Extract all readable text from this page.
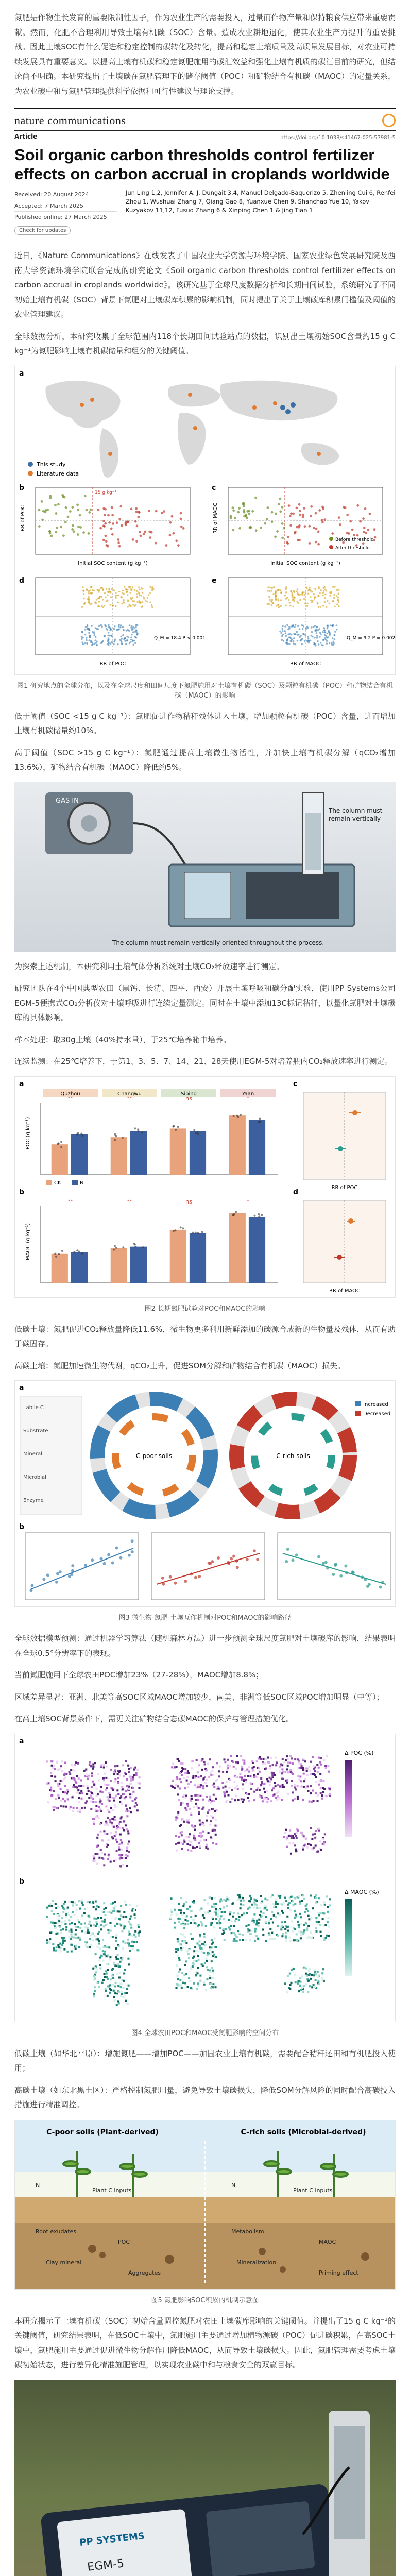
氮肥是作物生长发育的重要限制性因子，作为农业生产的需要投入，过量而作物产量和保持粮食供应带来重要贡献。然而，化肥不合理利用导致土壤有机碳（SOC）含量。造成农业耕地退化，使其农业生产力提升的重要挑战。因此土壤SOC有什么促进和稳定控制的碳转化及转化，提高和稳定土壤质量及高质量发展目标，对农业可持续发展具有重要意义。以提高土壤有机碳和稳定氮肥施用的碳汇效益和强化土壤有机质的碳汇目前的研究，但结论尚不明确。本研究提出了土壤碳在氮肥管理下的储存阈值（POC）和矿物结合有机碳（MAOC）的定量关系，为农业碳中和与氮肥管理提供科学依据和可行性建议与理论支撑。

nature communications
Article	https://doi.org/10.1038/s41467-025-57981-5
Soil organic carbon thresholds control fertilizer effects on carbon accrual in croplands worldwide
Received: 20 August 2024
Accepted: 7 March 2025
Published online: 27 March 2025
Check for updates
Jun Ling 1,2, Jennifer A. J. Dungait 3,4, Manuel Delgado-Baquerizo 5, Zhenling Cui 6, Renfei Zhou 1, Wushuai Zhang 7, Qiang Gao 8, Yuanxue Chen 9, Shanchao Yue 10, Yakov Kuzyakov 11,12, Fusuo Zhang 6 & Xinping Chen 1 & Jing Tian 1

近日，《Nature Communications》在线发表了中国农业大学资源与环境学院、国家农业绿色发展研究院及西南大学资源环境学院联合完成的研究论文《Soil organic carbon thresholds control fertilizer effects on carbon accrual in croplands worldwide》。该研究基于全球尺度数据分析和长期田间试验，系统研究了不同初始土壤有机碳（SOC）背景下氮肥对土壤碳库积累的影响机制，同时提出了关于土壤碳库积累门槛值及阈值的农业管理建议。

全球数据分析，本研究收集了全球范围内118个长期田间试验站点的数据，识别出土壤初始SOC含量约15 g C kg⁻¹为氮肥影响土壤有机碳储量和组分的关键阈值。

a
This study
Literature data
b
Initial SOC content (g kg⁻¹)
RR of POC
15 g kg⁻¹
c
Initial SOC content (g kg⁻¹)
RR of MAOC
Before threshold
After threshold
d
RR of POC
Q_M = 18.4 P < 0.001
e
RR of MAOC
Q_M = 9.2 P = 0.002

图1 研究地点的全球分布，以及在全球尺度和田间尺度下氮肥施用对土壤有机碳（SOC）及颗粒有机碳（POC）和矿物结合有机碳（MAOC）的影响

低于阈值（SOC <15 g C kg⁻¹）：氮肥促进作物秸秆残体进入土壤，增加颗粒有机碳（POC）含量，进而增加土壤有机碳储量约10%。

高于阈值（SOC >15 g C kg⁻¹）：氮肥通过提高土壤微生物活性，并加快土壤有机碳分解（qCO₂增加13.6%），矿物结合有机碳（MAOC）降低约5%。

GAS IN
The column must remain vertically
The column must remain vertically oriented throughout the process.

为探索上述机制，本研究利用土壤气体分析系统对土壤CO₂释放速率进行测定。

研究团队在4个中国典型农田（黑钙、长清、四平、西安）开展土壤呼吸和碳分配实验，使用PP Systems公司EGM-5便携式CO₂分析仪对土壤呼吸进行连续定量测定。同时在土壤中添加13C标记秸秆，以量化氮肥对土壤碳库的具体影响。

样本处理：取30g土壤（40%持水量），于25℃培养箱中培养。

连续监测：在25℃培养下，于第1、3、5、7、14、21、28天使用EGM-5对培养瓶内CO₂释放速率进行测定。

a
b
c
d
Quzhou	Changwu	Siping	Yaan
**	**	ns	*
**	**	ns	*
POC (g kg⁻¹)
MAOC (g kg⁻¹)
CK	N
RR of POC
RR of MAOC

图2 长期氮肥试验对POC和MAOC的影响

低碳土壤：氮肥促进CO₂释放量降低11.6%，微生物更多利用新鲜添加的碳源合成新的生物量及残体，从而有助于碳固存。

高碳土壤：氮肥加速微生物代谢，qCO₂上升，促进SOM分解和矿物结合有机碳（MAOC）损失。

a
Labile C
Substrate
Mineral
Microbial
Enzyme
C-poor soils	C-rich soils
Increased
Decreased
b

图3 微生物-氮肥-土壤互作机制对POC和MAOC的影响路径

全球数据模型预测：通过机器学习算法（随机森林方法）进一步预测全球尺度氮肥对土壤碳库的影响，结果表明在全球0.5°分辨率下的表现。

当前氮肥施用下全球农田POC增加23%（27-28%），MAOC增加8.8%；

区域差异显著：亚洲、北美等高SOC区域MAOC增加较少，南美、非洲等低SOC区域POC增加明显（中等）；

在高土壤SOC背景条件下，需更关注矿物结合态碳MAOC的保护与管理措施优化。

a
Δ POC (%)
b
Δ MAOC (%)

图4 全球农田POC和MAOC受氮肥影响的空间分布

低碳土壤（如华北平原）：增施氮肥——增加POC——加固农业土壤有机碳，需要配合秸秆还田和有机肥投入使用；

高碳土壤（如东北黑土区）：严格控制氮肥用量，避免导致土壤碳损失，降低SOM分解风险的同时配合高碳投入措施进行精准调控。

C-poor soils (Plant-derived)	C-rich soils (Microbial-derived)
N
Plant C inputs
Root exudates
POC
Clay mineral
Aggregates
N
Plant C inputs
Metabolism
MAOC
Mineralization
Priming effect

图5 氮肥影响SOC积累的机制示意图

本研究揭示了土壤有机碳（SOC）初始含量调控氮肥对农田土壤碳库影响的关键阈值。并提出了15 g C kg⁻¹的关键阈值，研究结果表明，在低SOC土壤中，氮肥施用主要通过增加植物源碳（POC）促进碳积累，在高SOC土壤中，氮肥施用主要通过促进微生物分解作用降低MAOC，从而导致土壤碳损失。因此，氮肥管理需要考虑土壤碳初始状态，进行差异化精准施肥管理，以实现农业碳中和与粮食安全的双赢目标。

PP SYSTEMS
EGM-5
